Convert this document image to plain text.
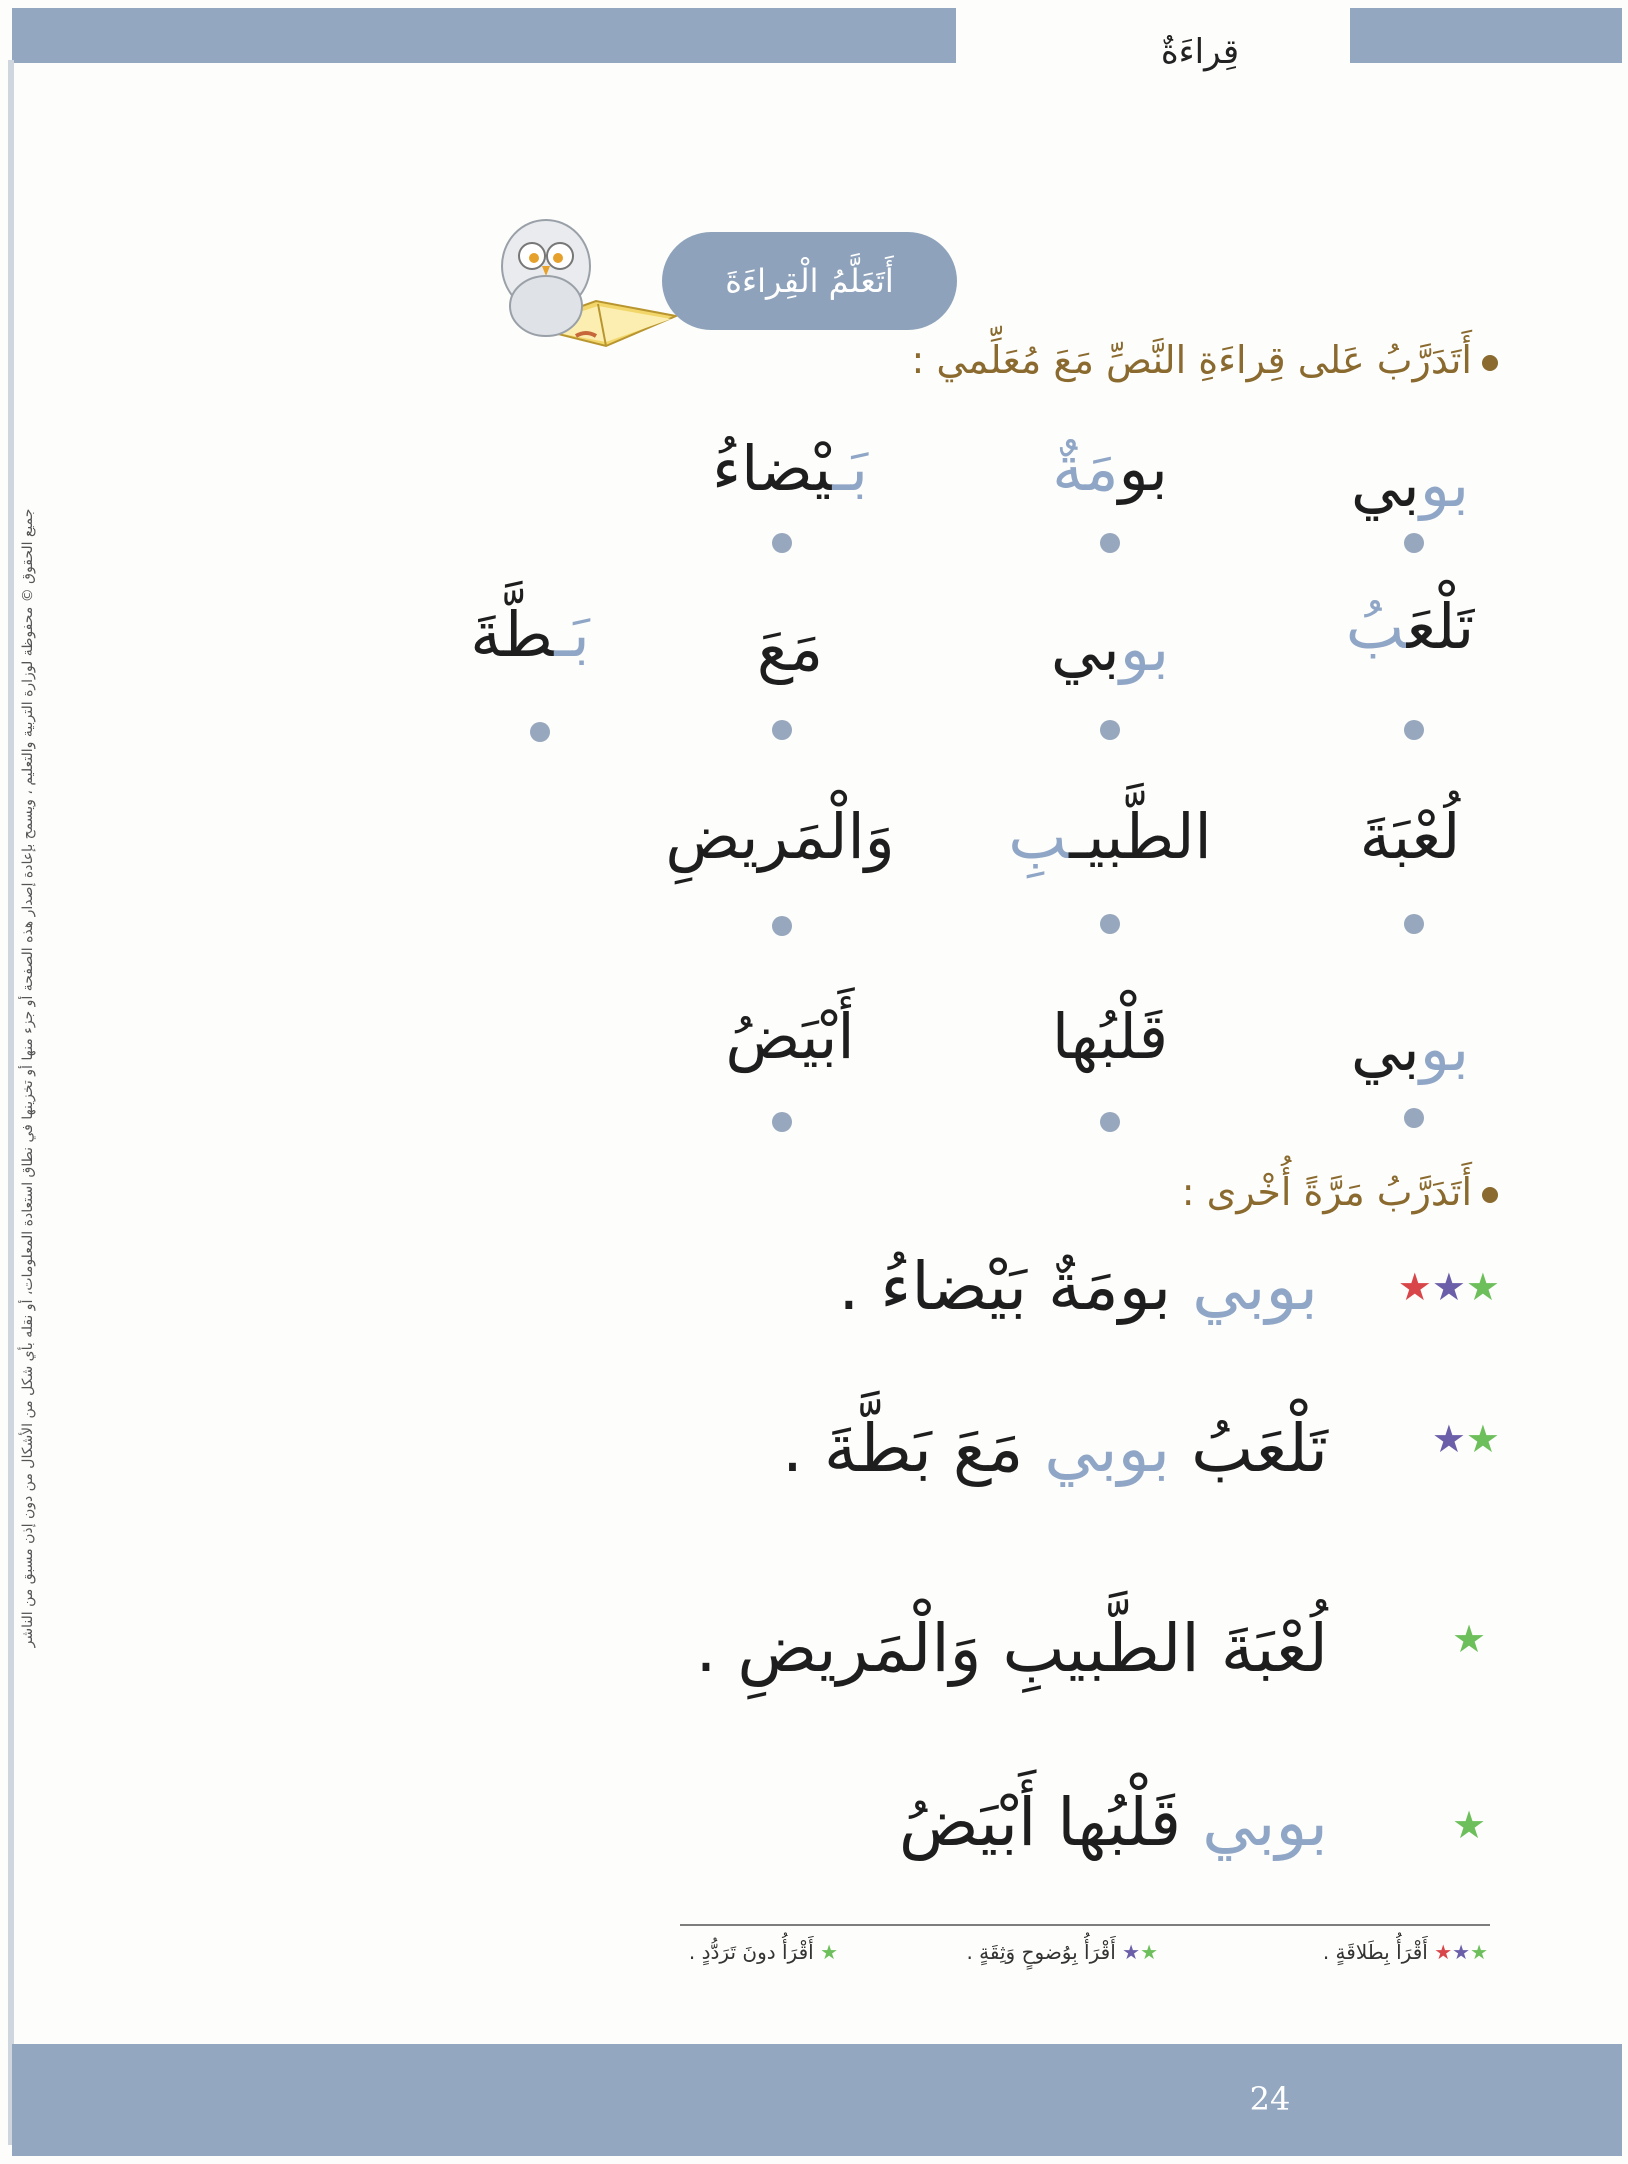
قِراءَةٌ
جميع الحقوق © محفوظة لوزارة التربية والتعليم ، ويسمح بإعادة إصدار هذه الصفحة أو جزء منها أو تخزينها في نطاق استعادة المعلومات، أو نقله بأي شكل من الأشكال من دون إذن مسبق من الناشر
أَتَعَلَّمُ الْقِراءَةَ
أَتَدَرَّبُ عَلى قِراءَةِ النَّصِّ مَعَ مُعَلِّمي :
بوبي
بومَةٌ
بَـيْضاءُ
تَلْعَبُ
بوبي
مَعَ
بَـطَّةَ
لُعْبَةَ
الطَّبيـبِ
وَالْمَريضِ
بوبي
قَلْبُها
أَبْيَضُ
أَتَدَرَّبُ مَرَّةً أُخْرى :
★★★
بوبي بومَةٌ بَيْضاءُ .
★★
تَلْعَبُ بوبي مَعَ بَطَّةَ .
★
لُعْبَةَ الطَّبيبِ وَالْمَريضِ .
★
بوبي قَلْبُها أَبْيَضُ
★★★ أَقْرَأُ بِطَلاقَةٍ .
★★ أَقْرَأُ بِوُضوحٍ وَثِقَةٍ .
★ أَقْرَأُ دونَ تَرَدُّدٍ .
24
